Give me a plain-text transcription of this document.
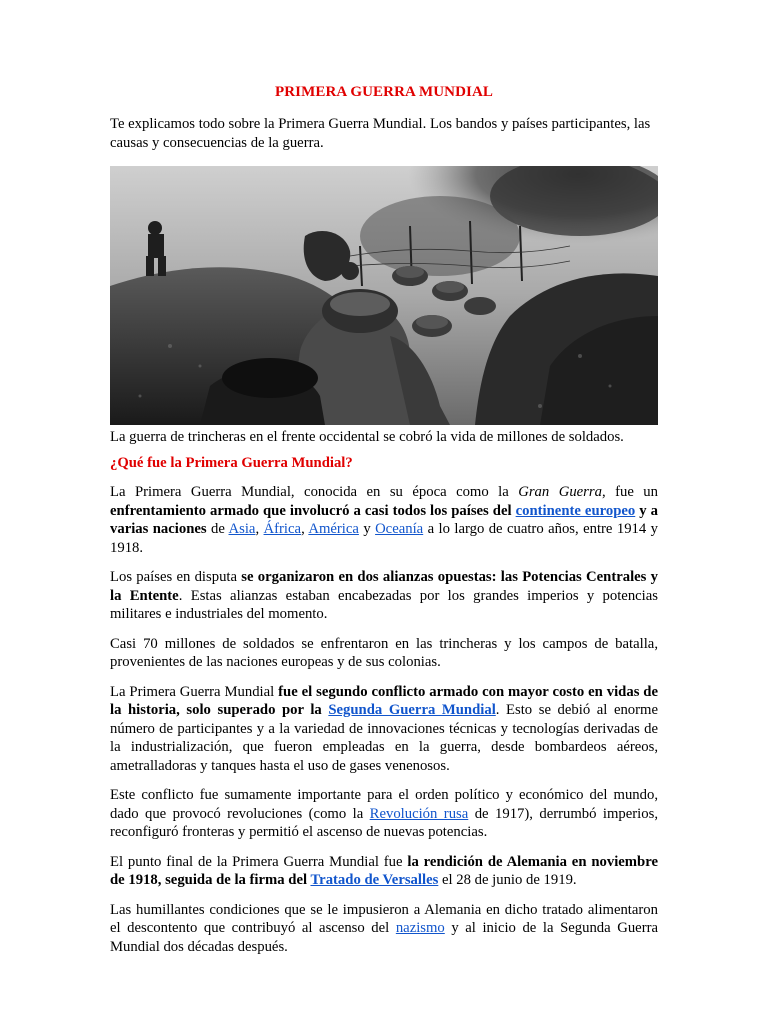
PRIMERA GUERRA MUNDIAL

Te explicamos todo sobre la Primera Guerra Mundial. Los bandos y países participantes, las causas y consecuencias de la guerra.

La guerra de trincheras en el frente occidental se cobró la vida de millones de soldados.

¿Qué fue la Primera Guerra Mundial?

La Primera Guerra Mundial, conocida en su época como la Gran Guerra, fue un enfrentamiento armado que involucró a casi todos los países del continente europeo y a varias naciones de Asia, África, América y Oceanía a lo largo de cuatro años, entre 1914 y 1918.

Los países en disputa se organizaron en dos alianzas opuestas: las Potencias Centrales y la Entente. Estas alianzas estaban encabezadas por los grandes imperios y potencias militares e industriales del momento.

Casi 70 millones de soldados se enfrentaron en las trincheras y los campos de batalla, provenientes de las naciones europeas y de sus colonias.

La Primera Guerra Mundial fue el segundo conflicto armado con mayor costo en vidas de la historia, solo superado por la Segunda Guerra Mundial. Esto se debió al enorme número de participantes y a la variedad de innovaciones técnicas y tecnologías derivadas de la industrialización, que fueron empleadas en la guerra, desde bombardeos aéreos, ametralladoras y tanques hasta el uso de gases venenosos.

Este conflicto fue sumamente importante para el orden político y económico del mundo, dado que provocó revoluciones (como la Revolución rusa de 1917), derrumbó imperios, reconfiguró fronteras y permitió el ascenso de nuevas potencias.

El punto final de la Primera Guerra Mundial fue la rendición de Alemania en noviembre de 1918, seguida de la firma del Tratado de Versalles el 28 de junio de 1919.

Las humillantes condiciones que se le impusieron a Alemania en dicho tratado alimentaron el descontento que contribuyó al ascenso del nazismo y al inicio de la Segunda Guerra Mundial dos décadas después.
